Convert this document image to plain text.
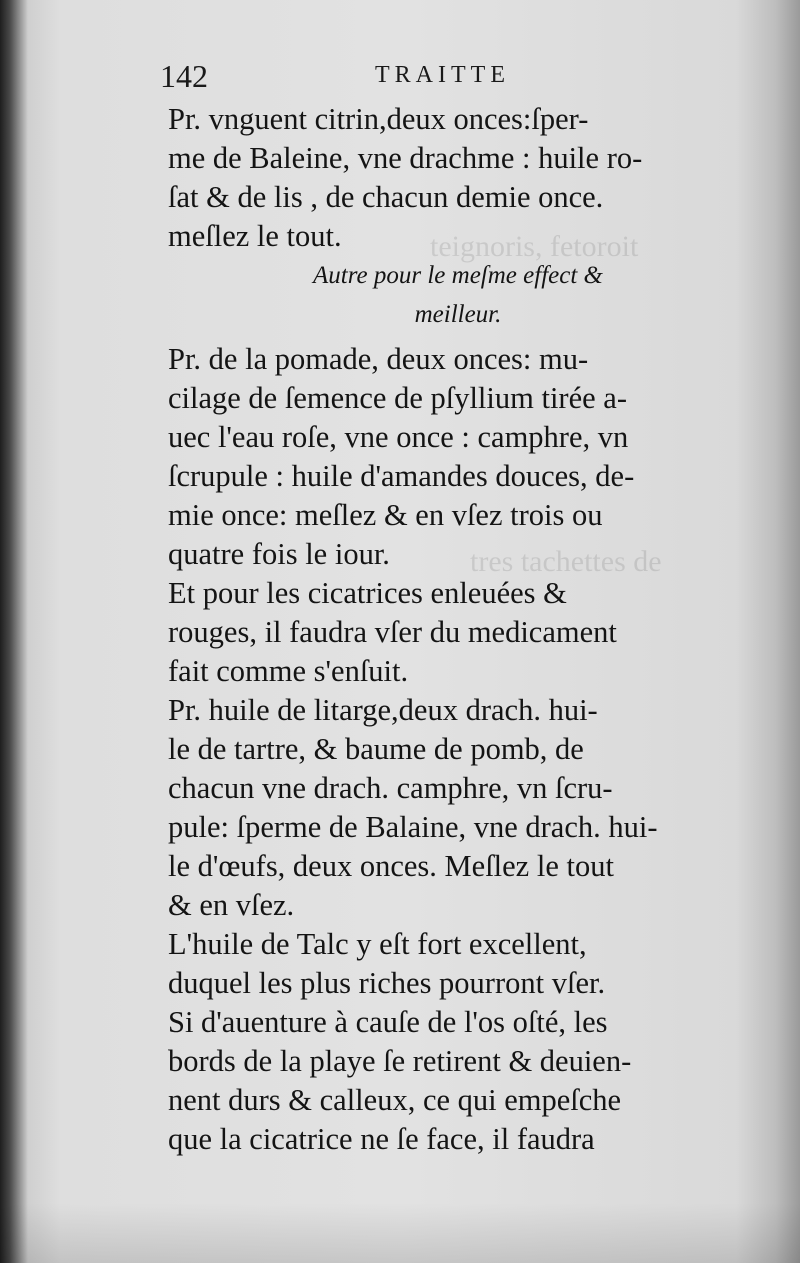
teignoris, fetoroit
tres tachettes de
142	TRAITTE
Pr. vnguent citrin,deux onces:ſper-
me de Baleine, vne drachme : huile ro-
ſat & de lis , de chacun demie once.
meſlez le tout.
Autre pour le meſme effect &
meilleur.
Pr. de la pomade, deux onces: mu-
cilage de ſemence de pſyllium tirée a-
uec l'eau roſe, vne once : camphre, vn
ſcrupule : huile d'amandes douces, de-
mie once: meſlez & en vſez trois ou
quatre fois le iour.
Et pour les cicatrices enleuées &
rouges, il faudra vſer du medicament
fait comme s'enſuit.
Pr. huile de litarge,deux drach. hui-
le de tartre, & baume de pomb, de
chacun vne drach. camphre, vn ſcru-
pule: ſperme de Balaine, vne drach. hui-
le d'œufs, deux onces. Meſlez le tout
& en vſez.
L'huile de Talc y eſt fort excellent,
duquel les plus riches pourront vſer.
Si d'auenture à cauſe de l'os oſté, les
bords de la playe ſe retirent & deuien-
nent durs & calleux, ce qui empeſche
que la cicatrice ne ſe face, il faudra
